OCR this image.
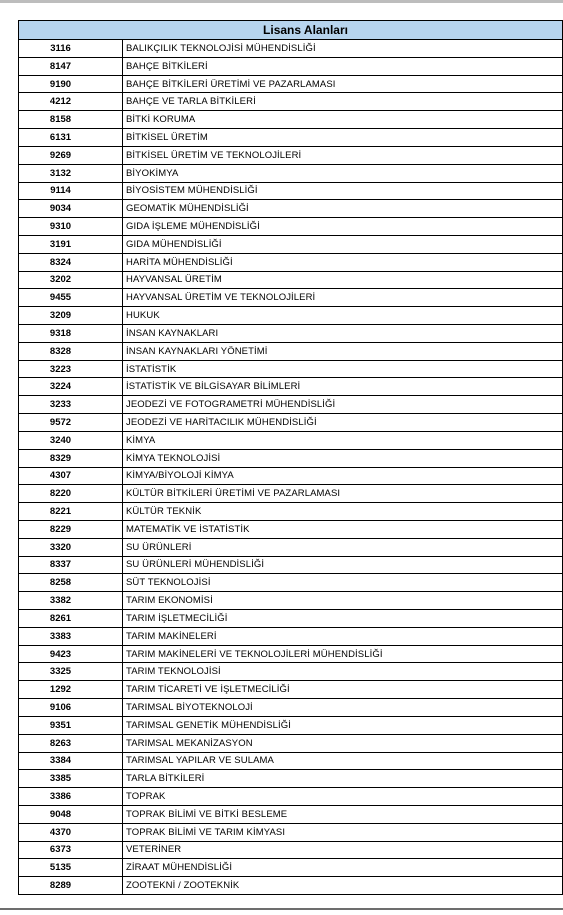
Lisans Alanları	
3116	BALIKÇILIK TEKNOLOJİSİ MÜHENDİSLİĞİ
8147	BAHÇE BİTKİLERİ
9190	BAHÇE BİTKİLERİ ÜRETİMİ VE PAZARLAMASI
4212	BAHÇE VE TARLA BİTKİLERİ
8158	BİTKİ KORUMA
6131	BİTKİSEL ÜRETİM
9269	BİTKİSEL ÜRETİM VE TEKNOLOJİLERİ
3132	BİYOKİMYA
9114	BİYOSİSTEM MÜHENDİSLİĞİ
9034	GEOMATİK MÜHENDİSLİĞİ
9310	GIDA İŞLEME MÜHENDİSLİĞİ
3191	GIDA MÜHENDİSLİĞİ
8324	HARİTA MÜHENDİSLİĞİ
3202	HAYVANSAL ÜRETİM
9455	HAYVANSAL ÜRETİM VE TEKNOLOJİLERİ
3209	HUKUK
9318	İNSAN KAYNAKLARI
8328	İNSAN KAYNAKLARI YÖNETİMİ
3223	İSTATİSTİK
3224	İSTATİSTİK VE BİLGİSAYAR BİLİMLERİ
3233	JEODEZİ VE FOTOGRAMETRİ MÜHENDİSLİĞİ
9572	JEODEZİ VE HARİTACILIK MÜHENDİSLİĞİ
3240	KİMYA
8329	KİMYA TEKNOLOJİSİ
4307	KİMYA/BİYOLOJİ KİMYA
8220	KÜLTÜR BİTKİLERİ ÜRETİMİ VE PAZARLAMASI
8221	KÜLTÜR TEKNİK
8229	MATEMATİK VE İSTATİSTİK
3320	SU ÜRÜNLERİ
8337	SU ÜRÜNLERİ MÜHENDİSLİĞİ
8258	SÜT TEKNOLOJİSİ
3382	TARIM EKONOMİSİ
8261	TARIM İŞLETMECİLİĞİ
3383	TARIM MAKİNELERİ
9423	TARIM MAKİNELERİ VE TEKNOLOJİLERİ MÜHENDİSLİĞİ
3325	TARIM TEKNOLOJİSİ
1292	TARIM TİCARETİ VE İŞLETMECİLİĞİ
9106	TARIMSAL BİYOTEKNOLOJİ
9351	TARIMSAL GENETİK MÜHENDİSLİĞİ
8263	TARIMSAL MEKANİZASYON
3384	TARIMSAL YAPILAR VE SULAMA
3385	TARLA BİTKİLERİ
3386	TOPRAK
9048	TOPRAK BİLİMİ VE BİTKİ BESLEME
4370	TOPRAK BİLİMİ VE TARIM KİMYASI
6373	VETERİNER
5135	ZİRAAT MÜHENDİSLİĞİ
8289	ZOOTEKNİ / ZOOTEKNİK
